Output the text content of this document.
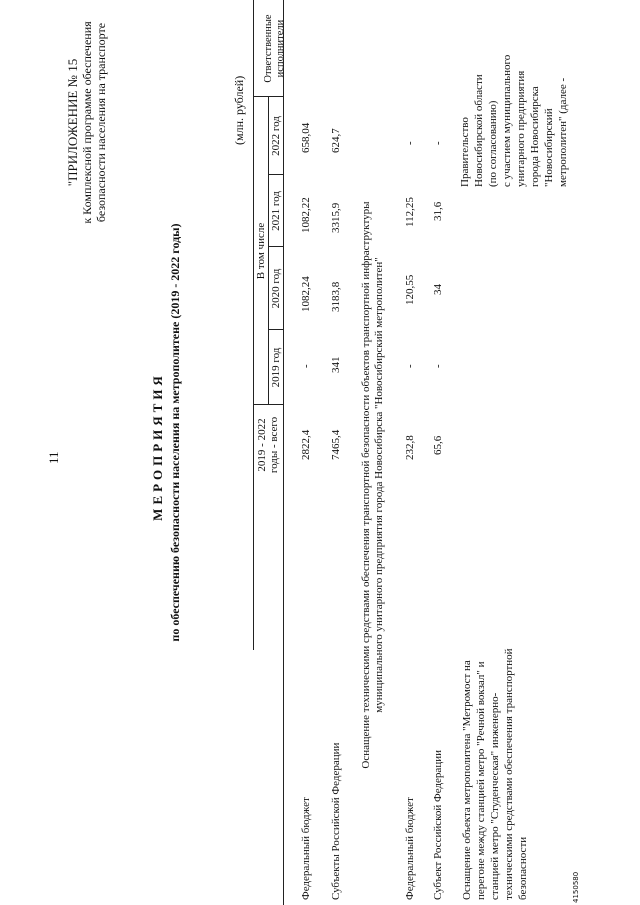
11
"ПРИЛОЖЕНИЕ № 15 к Комплексной программе обеспечения безопасности населения на транспорте
МЕРОПРИЯТИЯ по обеспечению безопасности населения на метрополитене (2019 - 2022 годы)
(млн. рублей)
2019 - 2022 годы - всего
В том числе
2019 год
2020 год
2021 год
2022 год
Ответственные исполнители
Федеральный бюджет
2822,4
-
1082,24
1082,22
658,04
Субъекты Российской Федерации
7465,4
341
3183,8
3315,9
624,7
Оснащение техническими средствами обеспечения транспортной безопасности объектов транспортной инфраструктуры муниципального унитарного предприятия города Новосибирска "Новосибирский метрополитен"
Федеральный бюджет
232,8
-
120,55
112,25
-
Субъект Российской Федерации
65,6
-
34
31,6
-
Оснащение объекта метрополитена "Метромост на перегоне между станцией метро "Речной вокзал" и станцией метро "Студенческая" инженерно- техническими средствами обеспечения транспортной безопасности
Правительство Новосибирской области (по согласованию) с участием муниципального унитарного предприятия города Новосибирска "Новосибирский метрополитен" (далее -
4150580
